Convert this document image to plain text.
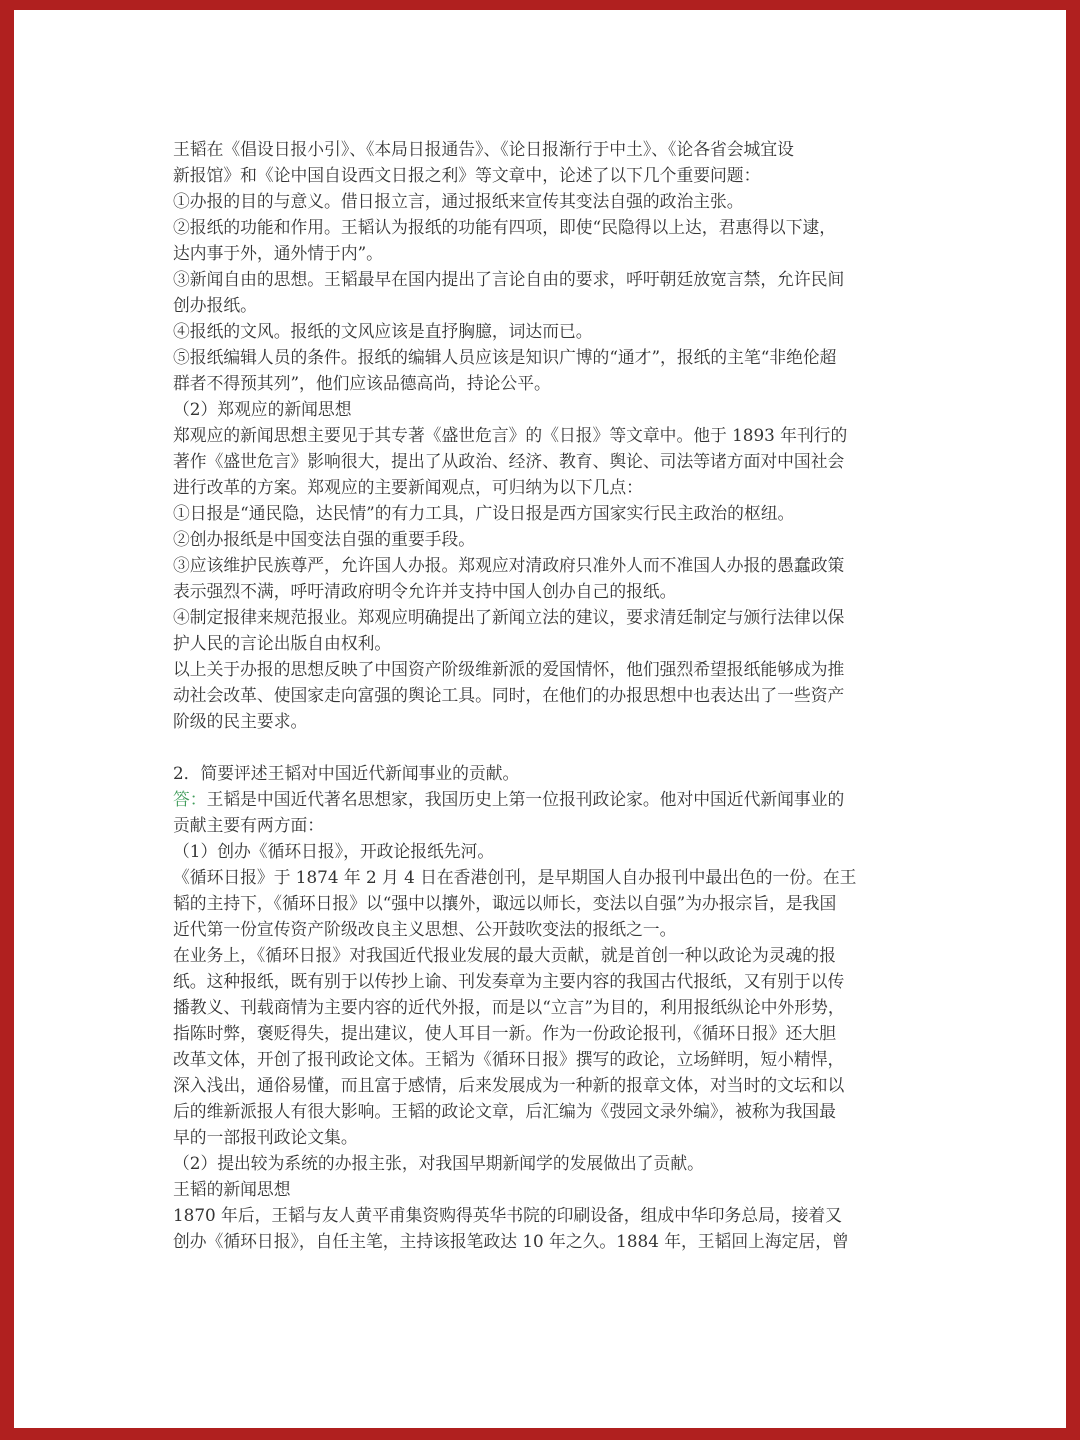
王韬在《倡设日报小引》、《本局日报通告》、《论日报渐行于中土》、《论各省会城宜设

新报馆》和《论中国自设西文日报之利》等文章中，论述了以下几个重要问题：

①办报的目的与意义。借日报立言，通过报纸来宣传其变法自强的政治主张。

②报纸的功能和作用。王韬认为报纸的功能有四项，即使“民隐得以上达，君惠得以下逮，

达内事于外，通外情于内”。

③新闻自由的思想。王韬最早在国内提出了言论自由的要求，呼吁朝廷放宽言禁，允许民间

创办报纸。

④报纸的文风。报纸的文风应该是直抒胸臆，词达而已。

⑤报纸编辑人员的条件。报纸的编辑人员应该是知识广博的“通才”，报纸的主笔“非绝伦超

群者不得预其列”，他们应该品德高尚，持论公平。

（2）郑观应的新闻思想

郑观应的新闻思想主要见于其专著《盛世危言》的《日报》等文章中。他于 1893 年刊行的

著作《盛世危言》影响很大，提出了从政治、经济、教育、舆论、司法等诸方面对中国社会

进行改革的方案。郑观应的主要新闻观点，可归纳为以下几点：

①日报是“通民隐，达民情”的有力工具，广设日报是西方国家实行民主政治的枢纽。

②创办报纸是中国变法自强的重要手段。

③应该维护民族尊严，允许国人办报。郑观应对清政府只准外人而不准国人办报的愚蠢政策

表示强烈不满，呼吁清政府明令允许并支持中国人创办自己的报纸。

④制定报律来规范报业。郑观应明确提出了新闻立法的建议，要求清廷制定与颁行法律以保

护人民的言论出版自由权利。

以上关于办报的思想反映了中国资产阶级维新派的爱国情怀，他们强烈希望报纸能够成为推

动社会改革、使国家走向富强的舆论工具。同时，在他们的办报思想中也表达出了一些资产

阶级的民主要求。

2．简要评述王韬对中国近代新闻事业的贡献。

答：王韬是中国近代著名思想家，我国历史上第一位报刊政论家。他对中国近代新闻事业的

贡献主要有两方面：

（1）创办《循环日报》，开政论报纸先河。

《循环日报》于 1874 年 2 月 4 日在香港创刊，是早期国人自办报刊中最出色的一份。在王

韬的主持下，《循环日报》以“强中以攘外，诹远以师长，变法以自强”为办报宗旨，是我国

近代第一份宣传资产阶级改良主义思想、公开鼓吹变法的报纸之一。

在业务上，《循环日报》对我国近代报业发展的最大贡献，就是首创一种以政论为灵魂的报

纸。这种报纸，既有别于以传抄上谕、刊发奏章为主要内容的我国古代报纸，又有别于以传

播教义、刊载商情为主要内容的近代外报，而是以“立言”为目的，利用报纸纵论中外形势，

指陈时弊，褒贬得失，提出建议，使人耳目一新。作为一份政论报刊，《循环日报》还大胆

改革文体，开创了报刊政论文体。王韬为《循环日报》撰写的政论，立场鲜明，短小精悍，

深入浅出，通俗易懂，而且富于感情，后来发展成为一种新的报章文体，对当时的文坛和以

后的维新派报人有很大影响。王韬的政论文章，后汇编为《弢园文录外编》，被称为我国最

早的一部报刊政论文集。

（2）提出较为系统的办报主张，对我国早期新闻学的发展做出了贡献。

王韬的新闻思想

1870 年后，王韬与友人黄平甫集资购得英华书院的印刷设备，组成中华印务总局，接着又

创办《循环日报》，自任主笔，主持该报笔政达 10 年之久。1884 年，王韬回上海定居，曾
